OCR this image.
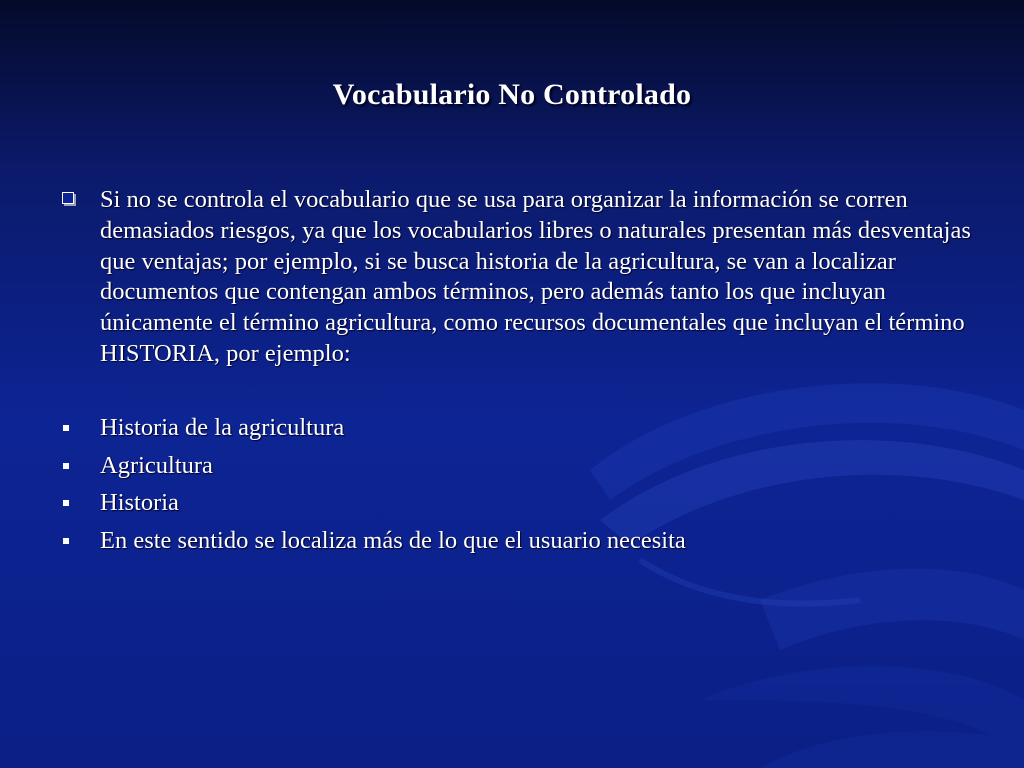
Vocabulario No Controlado
Si no se controla el vocabulario que se usa para organizar la información se corren demasiados riesgos, ya que los vocabularios libres o naturales presentan más desventajas que ventajas; por ejemplo, si se busca historia de la agricultura, se van a localizar documentos que contengan ambos términos, pero además tanto los que incluyan únicamente el término agricultura, como recursos documentales que incluyan el término HISTORIA, por ejemplo:
Historia de la agricultura
Agricultura
Historia
En este sentido se localiza más de lo que el usuario necesita
